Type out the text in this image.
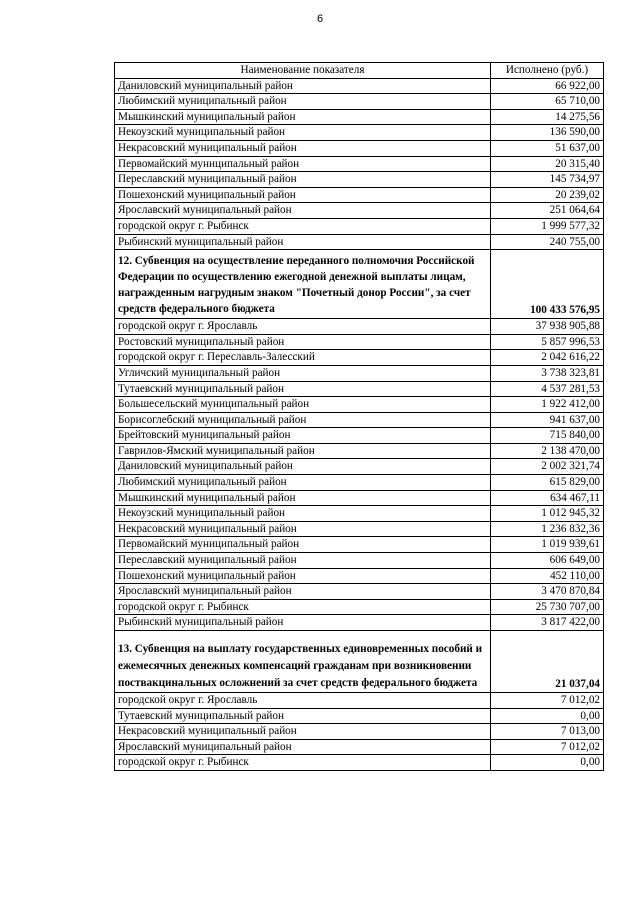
6
Наименование показателя	Исполнено (руб.)
Даниловский муниципальный район	66 922,00
Любимский муниципальный район	65 710,00
Мышкинский муниципальный район	14 275,56
Некоузский муниципальный район	136 590,00
Некрасовский муниципальный район	51 637,00
Первомайский муниципальный район	20 315,40
Переславский муниципальный район	145 734,97
Пошехонский муниципальный район	20 239,02
Ярославский муниципальный район	251 064,64
городской округ г. Рыбинск	1 999 577,32
Рыбинский муниципальный район	240 755,00
12. Субвенция на осуществление переданного полномочия Российской Федерации по осуществлению ежегодной денежной выплаты лицам, награжденным нагрудным знаком "Почетный донор России", за счет средств федерального бюджета	100 433 576,95
городской округ г. Ярославль	37 938 905,88
Ростовский муниципальный район	5 857 996,53
городской округ г. Переславль-Залесский	2 042 616,22
Угличский муниципальный район	3 738 323,81
Тутаевский муниципальный район	4 537 281,53
Большесельский муниципальный район	1 922 412,00
Борисоглебский муниципальный район	941 637,00
Брейтовский муниципальный район	715 840,00
Гаврилов-Ямский муниципальный район	2 138 470,00
Даниловский муниципальный район	2 002 321,74
Любимский муниципальный район	615 829,00
Мышкинский муниципальный район	634 467,11
Некоузский муниципальный район	1 012 945,32
Некрасовский муниципальный район	1 236 832,36
Первомайский муниципальный район	1 019 939,61
Переславский муниципальный район	606 649,00
Пошехонский муниципальный район	452 110,00
Ярославский муниципальный район	3 470 870,84
городской округ г. Рыбинск	25 730 707,00
Рыбинский муниципальный район	3 817 422,00
13. Субвенция на выплату государственных единовременных пособий и ежемесячных денежных компенсаций гражданам при возникновении поствакцинальных осложнений за счет средств федерального бюджета	21 037,04
городской округ г. Ярославль	7 012,02
Тутаевский муниципальный район	0,00
Некрасовский муниципальный район	7 013,00
Ярославский муниципальный район	7 012,02
городской округ г. Рыбинск	0,00
